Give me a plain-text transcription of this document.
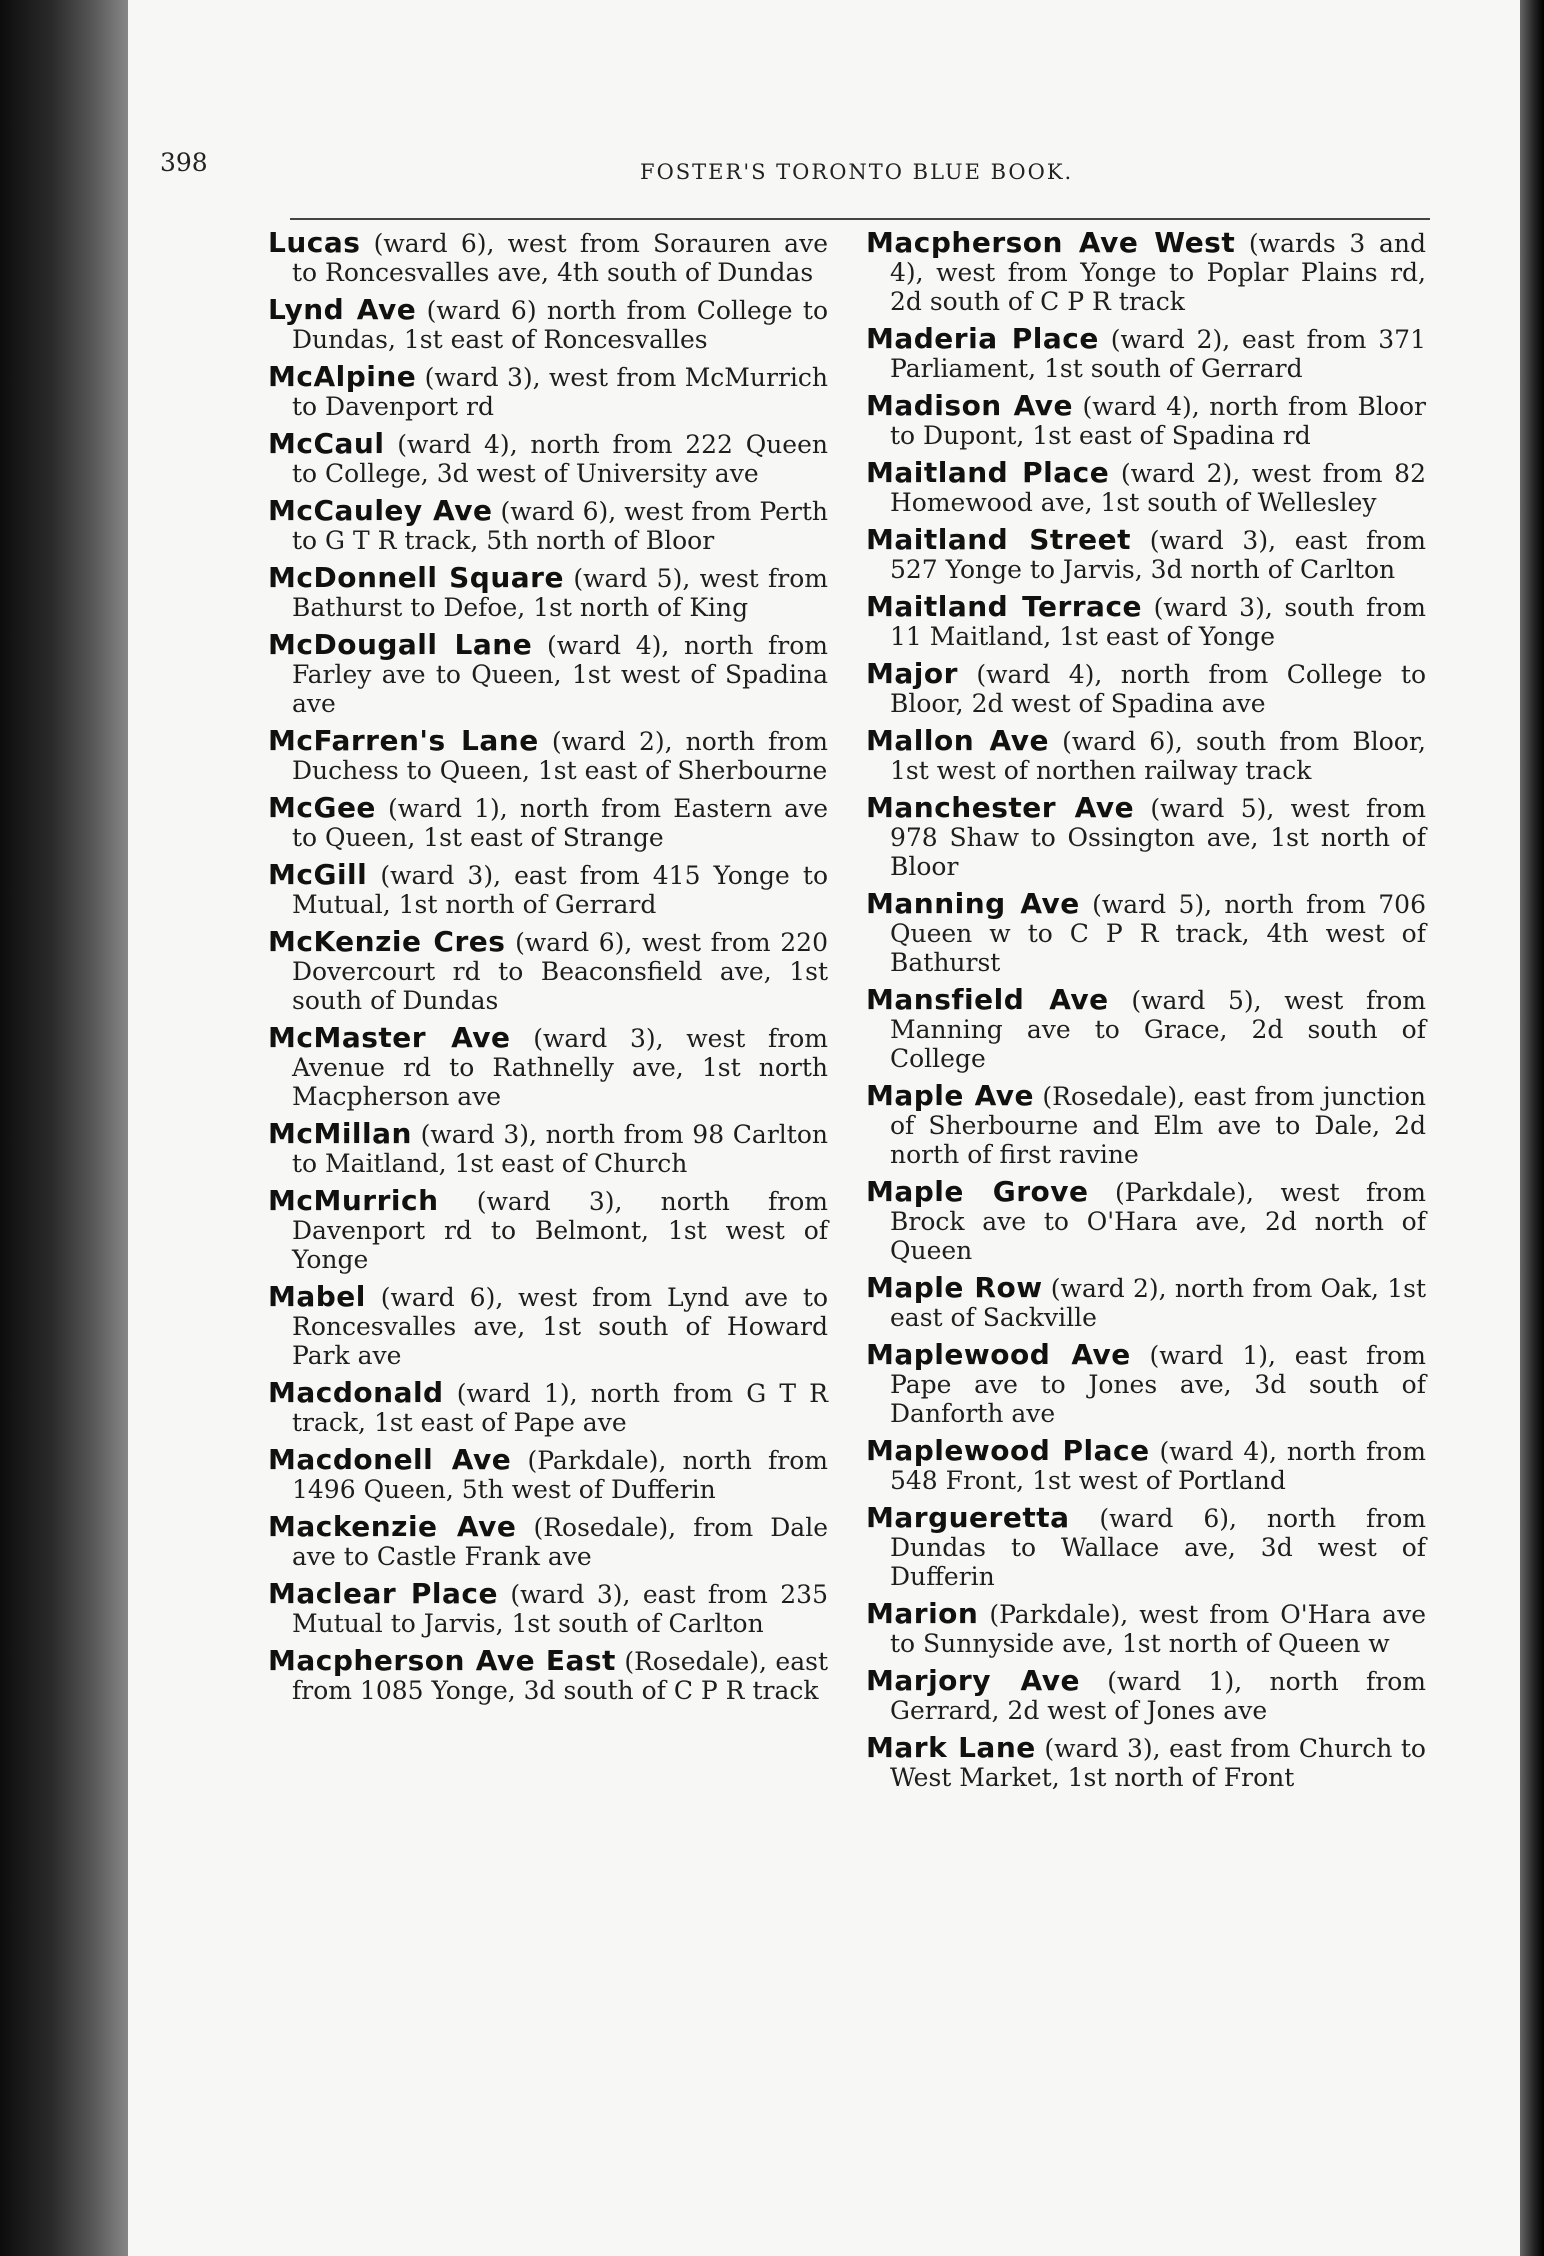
398	FOSTER'S TORONTO BLUE BOOK.

Lucas (ward 6), west from Sorauren ave to Roncesvalles ave, 4th south of Dundas

Lynd Ave (ward 6) north from College to Dundas, 1st east of Roncesvalles

McAlpine (ward 3), west from McMurrich to Davenport rd

McCaul (ward 4), north from 222 Queen to College, 3d west of University ave

McCauley Ave (ward 6), west from Perth to G T R track, 5th north of Bloor

McDonnell Square (ward 5), west from Bathurst to Defoe, 1st north of King

McDougall Lane (ward 4), north from Farley ave to Queen, 1st west of Spadina ave

McFarren's Lane (ward 2), north from Duchess to Queen, 1st east of Sherbourne

McGee (ward 1), north from Eastern ave to Queen, 1st east of Strange

McGill (ward 3), east from 415 Yonge to Mutual, 1st north of Gerrard

McKenzie Cres (ward 6), west from 220 Dovercourt rd to Beaconsfield ave, 1st south of Dundas

McMaster Ave (ward 3), west from Avenue rd to Rathnelly ave, 1st north Macpherson ave

McMillan (ward 3), north from 98 Carlton to Maitland, 1st east of Church

McMurrich (ward 3), north from Davenport rd to Belmont, 1st west of Yonge

Mabel (ward 6), west from Lynd ave to Roncesvalles ave, 1st south of Howard Park ave

Macdonald (ward 1), north from G T R track, 1st east of Pape ave

Macdonell Ave (Parkdale), north from 1496 Queen, 5th west of Dufferin

Mackenzie Ave (Rosedale), from Dale ave to Castle Frank ave

Maclear Place (ward 3), east from 235 Mutual to Jarvis, 1st south of Carlton

Macpherson Ave East (Rosedale), east from 1085 Yonge, 3d south of C P R track

Macpherson Ave West (wards 3 and 4), west from Yonge to Poplar Plains rd, 2d south of C P R track

Maderia Place (ward 2), east from 371 Parliament, 1st south of Gerrard

Madison Ave (ward 4), north from Bloor to Dupont, 1st east of Spadina rd

Maitland Place (ward 2), west from 82 Homewood ave, 1st south of Wellesley

Maitland Street (ward 3), east from 527 Yonge to Jarvis, 3d north of Carlton

Maitland Terrace (ward 3), south from 11 Maitland, 1st east of Yonge

Major (ward 4), north from College to Bloor, 2d west of Spadina ave

Mallon Ave (ward 6), south from Bloor, 1st west of northen railway track

Manchester Ave (ward 5), west from 978 Shaw to Ossington ave, 1st north of Bloor

Manning Ave (ward 5), north from 706 Queen w to C P R track, 4th west of Bathurst

Mansfield Ave (ward 5), west from Manning ave to Grace, 2d south of College

Maple Ave (Rosedale), east from junction of Sherbourne and Elm ave to Dale, 2d north of first ravine

Maple Grove (Parkdale), west from Brock ave to O'Hara ave, 2d north of Queen

Maple Row (ward 2), north from Oak, 1st east of Sackville

Maplewood Ave (ward 1), east from Pape ave to Jones ave, 3d south of Danforth ave

Maplewood Place (ward 4), north from 548 Front, 1st west of Portland

Margueretta (ward 6), north from Dundas to Wallace ave, 3d west of Dufferin

Marion (Parkdale), west from O'Hara ave to Sunnyside ave, 1st north of Queen w

Marjory Ave (ward 1), north from Gerrard, 2d west of Jones ave

Mark Lane (ward 3), east from Church to West Market, 1st north of Front
